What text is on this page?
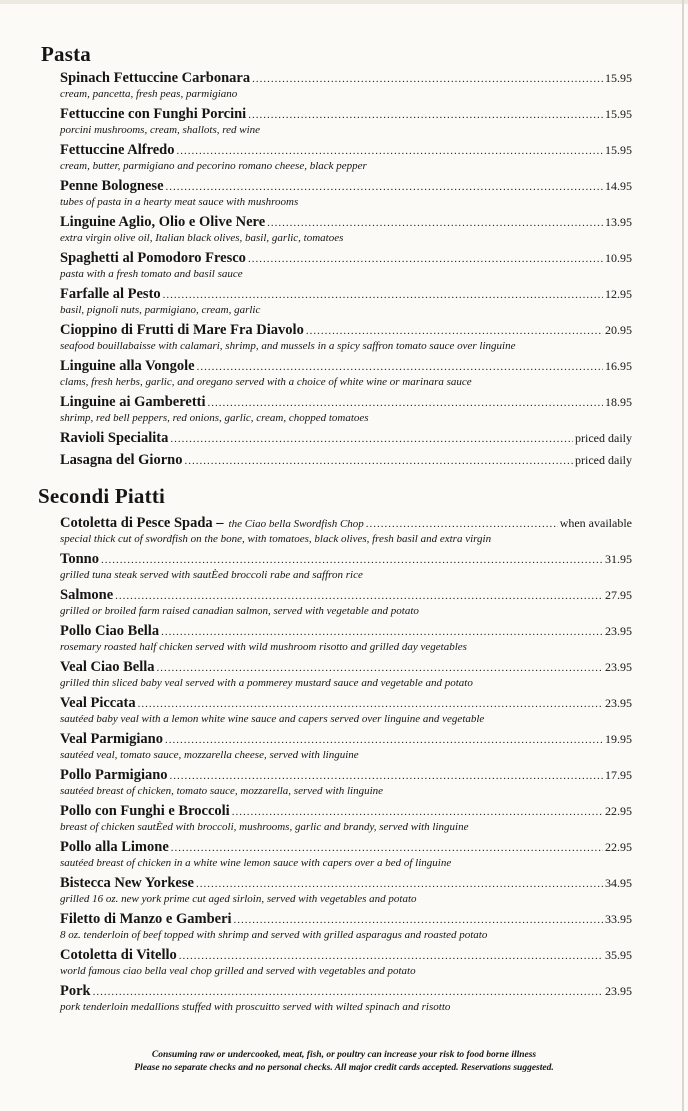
Pasta
Spinach Fettuccine Carbonara .....	15.95
cream, pancetta, fresh peas, parmigiano
Fettuccine con Funghi Porcini .....	15.95
porcini mushrooms, cream, shallots, red wine
Fettuccine Alfredo .....	15.95
cream, butter, parmigiano and pecorino romano cheese, black pepper
Penne Bolognese .....	14.95
tubes of pasta in a hearty meat sauce with mushrooms
Linguine Aglio, Olio e Olive Nere .....	13.95
extra virgin olive oil, Italian black olives, basil, garlic, tomatoes
Spaghetti al Pomodoro Fresco .....	10.95
pasta with a fresh tomato and basil sauce
Farfalle al Pesto .....	12.95
basil, pignoli nuts, parmigiano, cream, garlic
Cioppino di Frutti di Mare Fra Diavolo .....	20.95
seafood bouillabaisse with calamari, shrimp, and mussels in a spicy saffron tomato sauce over linguine
Linguine alla Vongole .....	16.95
clams, fresh herbs, garlic, and oregano served with a choice of white wine or marinara sauce
Linguine ai Gamberetti .....	18.95
shrimp, red bell peppers, red onions, garlic, cream, chopped tomatoes
Ravioli Specialita .....	priced daily
Lasagna del Giorno .....	priced daily
Secondi Piatti
Cotoletta di Pesce Spada – the Ciao bella Swordfish Chop .....	when available
special thick cut of swordfish on the bone, with tomatoes, black olives, fresh basil and extra virgin
Tonno .....	31.95
grilled tuna steak served with sautÈed broccoli rabe and saffron rice
Salmone .....	27.95
grilled or broiled farm raised canadian salmon, served with vegetable and potato
Pollo Ciao Bella .....	23.95
rosemary roasted half chicken served with wild mushroom risotto and grilled day vegetables
Veal Ciao Bella .....	23.95
grilled thin sliced baby veal served with a pommerey mustard sauce and vegetable and potato
Veal Piccata .....	23.95
sautéed baby veal with a lemon white wine sauce and capers served over linguine and vegetable
Veal Parmigiano .....	19.95
sautéed veal, tomato sauce, mozzarella cheese, served with linguine
Pollo Parmigiano .....	17.95
sautéed breast of chicken, tomato sauce, mozzarella, served with linguine
Pollo con Funghi e Broccoli .....	22.95
breast of chicken sautÈed with broccoli, mushrooms, garlic and brandy, served with linguine
Pollo alla Limone .....	22.95
sautéed breast of chicken in a white wine lemon sauce with capers over a bed of linguine
Bistecca New Yorkese .....	34.95
grilled 16 oz. new york prime cut aged sirloin, served with vegetables and potato
Filetto di Manzo e Gamberi .....	33.95
8 oz. tenderloin of beef topped with shrimp and served with grilled asparagus and roasted potato
Cotoletta di Vitello .....	35.95
world famous ciao bella veal chop grilled and served with vegetables and potato
Pork .....	23.95
pork tenderloin medallions stuffed with proscuitto served with wilted spinach and risotto
Consuming raw or undercooked, meat, fish, or poultry can increase your risk to food borne illness
Please no separate checks and no personal checks. All major credit cards accepted. Reservations suggested.
